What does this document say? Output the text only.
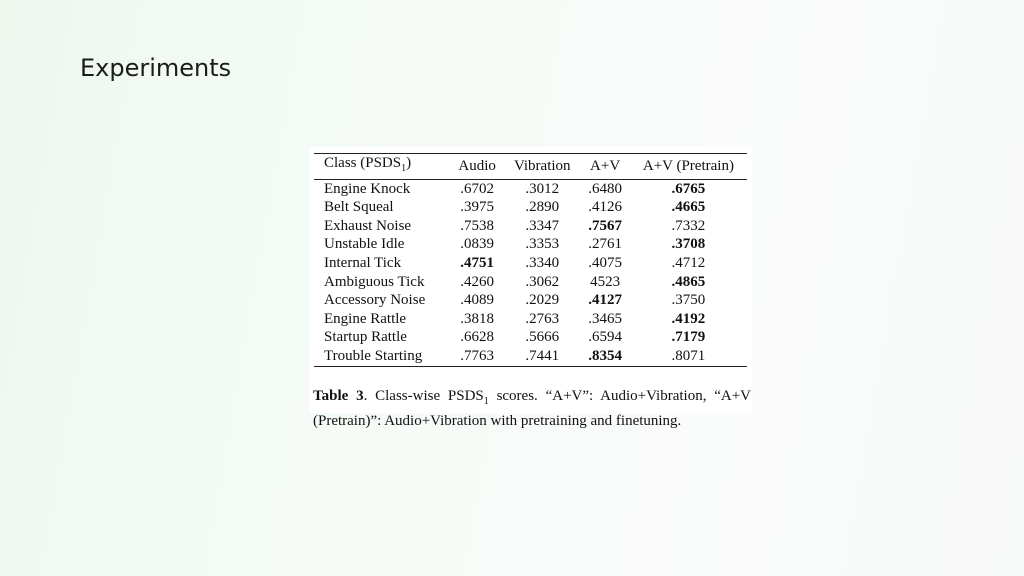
Experiments
Class $(PSDS_1)$	Audio	Vibration	A+V	A+V (Pretrain)
Engine Knock	.6702	.3012	.6480	.6765
Belt Squeal	.3975	.2890	.4126	.4665
Exhaust Noise	.7538	.3347	.7567	.7332
Unstable Idle	.0839	.3353	.2761	.3708
Internal Tick	.4751	.3340	.4075	.4712
Ambiguous Tick	.4260	.3062	4523	.4865
Accessory Noise	.4089	.2029	.4127	.3750
Engine Rattle	.3818	.2763	.3465	.4192
Startup Rattle	.6628	.5666	.6594	.7179
Trouble Starting	.7763	.7441	.8354	.8071

Table 3. Class-wise $PSDS_1$ scores. “A+V”: Audio+Vibration, “A+V (Pretrain)”: Audio+Vibration with pretraining and finetuning.
